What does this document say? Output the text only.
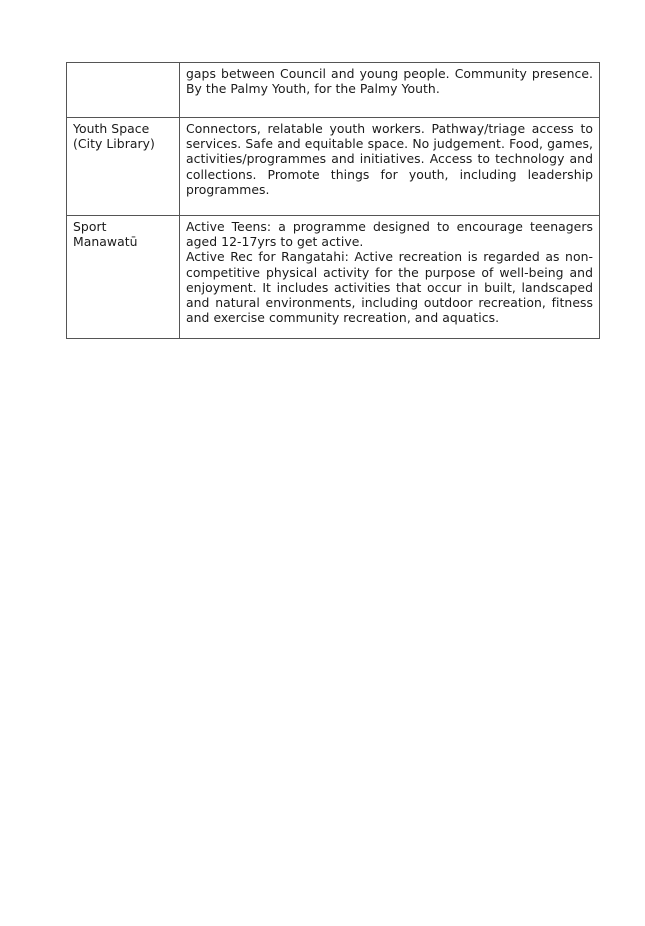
	gaps between Council and young people. Community presence. By the Palmy Youth, for the Palmy Youth.

Youth Space
(City Library)	Connectors, relatable youth workers. Pathway/triage access to services. Safe and equitable space. No judgement. Food, games, activities/programmes and initiatives. Access to technology and collections. Promote things for youth, including leadership programmes.

Sport
Manawatū	Active Teens: a programme designed to encourage teenagers aged 12-17yrs to get active.
Active Rec for Rangatahi: Active recreation is regarded as non-competitive physical activity for the purpose of well-being and enjoyment. It includes activities that occur in built, landscaped and natural environments, including outdoor recreation, fitness and exercise community recreation, and aquatics.
